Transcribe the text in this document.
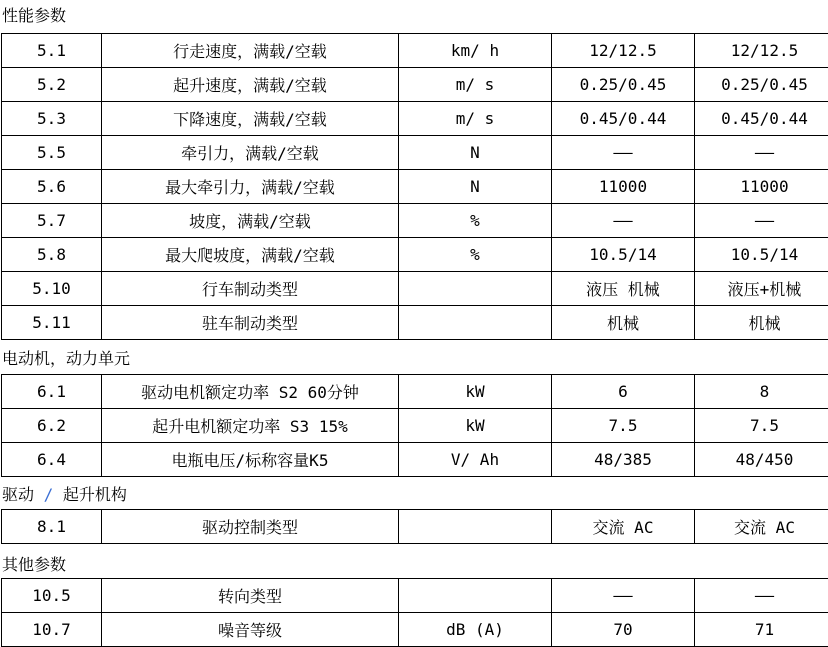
性能参数
5.1	行走速度，满载/空载	km/ h	12/12.5	12/12.5
5.2	起升速度，满载/空载	m/ s	0.25/0.45	0.25/0.45
5.3	下降速度，满载/空载	m/ s	0.45/0.44	0.45/0.44
5.5	牵引力，满载/空载	N	——	——
5.6	最大牵引力，满载/空载	N	11000	11000
5.7	坡度，满载/空载	%	——	——
5.8	最大爬坡度，满载/空载	%	10.5/14	10.5/14
5.10	行车制动类型		液压 机械	液压+机械
5.11	驻车制动类型		机械	机械
电动机，动力单元
6.1	驱动电机额定功率 S2 60分钟	kW	6	8
6.2	起升电机额定功率 S3 15%	kW	7.5	7.5
6.4	电瓶电压/标称容量K5	V/ Ah	48/385	48/450
驱动 / 起升机构
8.1	驱动控制类型		交流 AC	交流 AC
其他参数
10.5	转向类型		——	——
10.7	噪音等级	dB (A)	70	71
